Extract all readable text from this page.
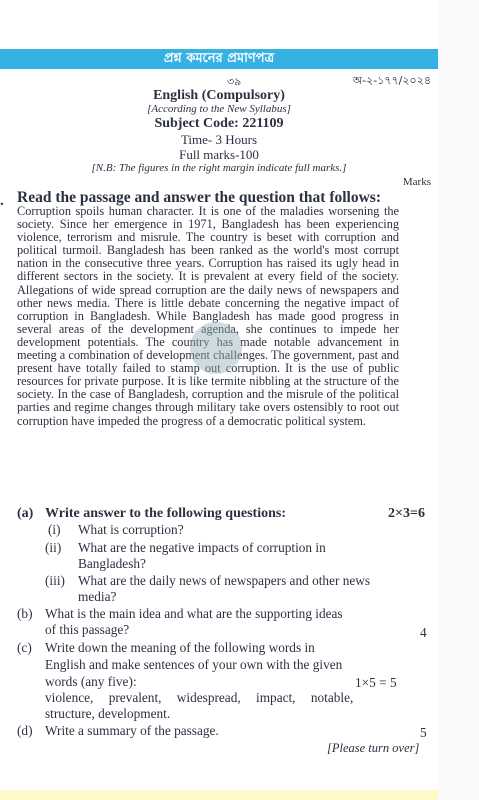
প্রশ্ন কমনের প্রমাণপত্র
৩৯	অ-২-১৭৭/২০২৪
English (Compulsory)
[According to the New Syllabus]
Subject Code: 221109
Time- 3 Hours
Full marks-100
[N.B: The figures in the right margin indicate full marks.]
Marks
. Read the passage and answer the question that follows:
Corruption spoils human character. It is one of the maladies worsening the society. Since her emergence in 1971, Bangladesh has been experiencing violence, terrorism and misrule. The country is beset with corruption and political turmoil. Bangladesh has been ranked as the world's most corrupt nation in the consecutive three years. Corruption has raised its ugly head in different sectors in the society. It is prevalent at every field of the society. Allegations of wide spread corruption are the daily news of newspapers and other news media. There is little debate concerning the negative impact of corruption in Bangladesh. While Bangladesh has made good progress in several areas of the development agenda, she continues to impede her development potentials. The country has made notable advancement in meeting a combination of development challenges. The government, past and present have totally failed to stamp out corruption. It is the use of public resources for private purpose. It is like termite nibbling at the structure of the society. In the case of Bangladesh, corruption and the misrule of the political parties and regime changes through military take overs ostensibly to root out corruption have impeded the progress of a democratic political system.
(a) Write answer to the following questions:	2×3=6
(i) What is corruption?
(ii) What are the negative impacts of corruption in
Bangladesh?
(iii) What are the daily news of newspapers and other news
media?
(b) What is the main idea and what are the supporting ideas
of this passage?	4
(c) Write down the meaning of the following words in
English and make sentences of your own with the given
words (any five):	1×5 = 5
violence, prevalent, widespread, impact, notable,
structure, development.
(d) Write a summary of the passage.	5
[Please turn over]
